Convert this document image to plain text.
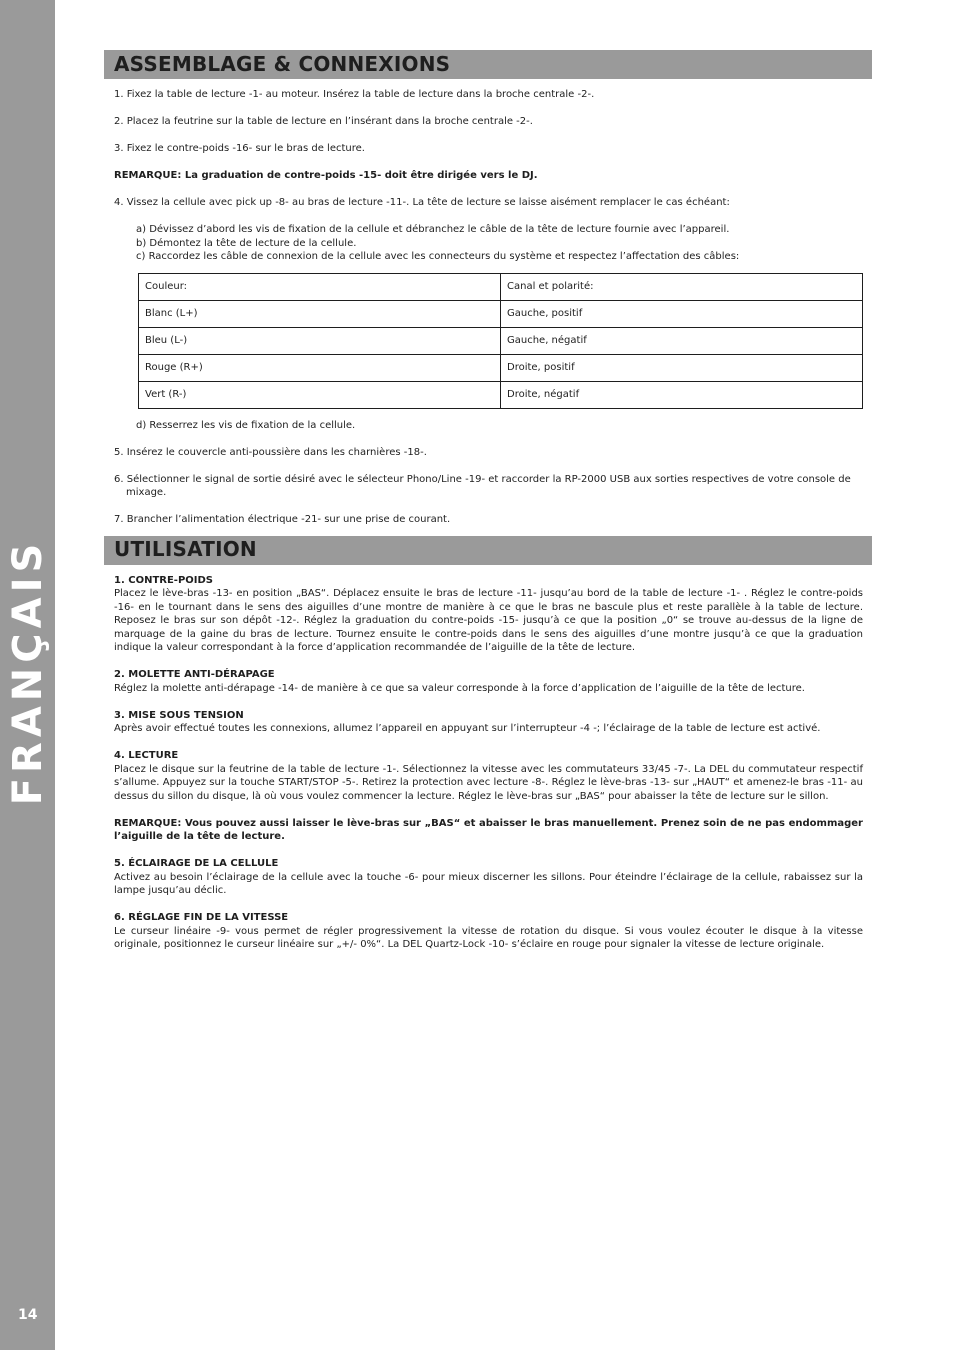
FRANÇAIS
14
ASSEMBLAGE & CONNEXIONS

1. Fixez la table de lecture -1- au moteur. Insérez la table de lecture dans la broche centrale -2-.

2. Placez la feutrine sur la table de lecture en l’insérant dans la broche centrale -2-.

3. Fixez le contre-poids -16- sur le bras de lecture.

REMARQUE: La graduation de contre-poids -15- doit être dirigée vers le DJ.

4. Vissez la cellule avec pick up -8- au bras de lecture -11-. La tête de lecture se laisse aisément remplacer le cas échéant:

a) Dévissez d’abord les vis de fixation de la cellule et débranchez le câble de la tête de lecture fournie avec l’appareil.

b) Démontez la tête de lecture de la cellule.

c) Raccordez les câble de connexion de la cellule avec les connecteurs du système et respectez l’affectation des câbles:

Couleur:	Canal et polarité:
Blanc (L+)	Gauche, positif
Bleu (L-)	Gauche, négatif
Rouge (R+)	Droite, positif
Vert (R-)	Droite, négatif

d) Resserrez les vis de fixation de la cellule.

5. Insérez le couvercle anti-poussière dans les charnières -18-.

6. Sélectionner le signal de sortie désiré avec le sélecteur Phono/Line -19- et raccorder la RP-2000 USB aux sorties respectives de votre console de mixage.

7. Brancher l’alimentation électrique -21- sur une prise de courant.

UTILISATION

1. CONTRE-POIDS

Placez le lève-bras -13- en position „BAS“. Déplacez ensuite le bras de lecture -11- jusqu’au bord de la table de lecture -1- . Réglez le contre-poids -16- en le tournant dans le sens des aiguilles d’une montre de manière à ce que le bras ne bascule plus et reste parallèle à la table de lecture. Reposez le bras sur son dépôt -12-. Réglez la graduation du contre-poids -15- jusqu’à ce que la position „0“ se trouve au-dessus de la ligne de marquage de la gaine du bras de lecture. Tournez ensuite le contre-poids dans le sens des aiguilles d’une montre jusqu’à ce que la graduation indique la valeur correspondant à la force d’application recommandée de l’aiguille de la tête de lecture.

2. MOLETTE ANTI-DÉRAPAGE

Réglez la molette anti-dérapage -14- de manière à ce que sa valeur corresponde à la force d’application de l’aiguille de la tête de lecture.

3. MISE SOUS TENSION

Après avoir effectué toutes les connexions, allumez l’appareil en appuyant sur l’interrupteur -4 -; l’éclairage de la table de lecture est activé.

4. LECTURE

Placez le disque sur la feutrine de la table de lecture -1-. Sélectionnez la vitesse avec les commutateurs 33/45 -7-. La DEL du commutateur respectif s’allume. Appuyez sur la touche START/STOP -5-. Retirez la protection avec lecture -8-. Réglez le lève-bras -13- sur „HAUT“ et amenez-le bras -11- au dessus du sillon du disque, là où vous voulez commencer la lecture. Réglez le lève-bras sur „BAS“ pour abaisser la tête de lecture sur le sillon.

REMARQUE: Vous pouvez aussi laisser le lève-bras sur „BAS“ et abaisser le bras manuellement. Prenez soin de ne pas endommager l’aiguille de la tête de lecture.

5. ÉCLAIRAGE DE LA CELLULE

Activez au besoin l’éclairage de la cellule avec la touche -6- pour mieux discerner les sillons. Pour éteindre l’éclairage de la cellule, rabaissez sur la lampe jusqu’au déclic.

6. RÉGLAGE FIN DE LA VITESSE

Le curseur linéaire -9- vous permet de régler progressivement la vitesse de rotation du disque. Si vous voulez écouter le disque à la vitesse originale, positionnez le curseur linéaire sur „+/- 0%“. La DEL Quartz-Lock -10- s’éclaire en rouge pour signaler la vitesse de lecture originale.
